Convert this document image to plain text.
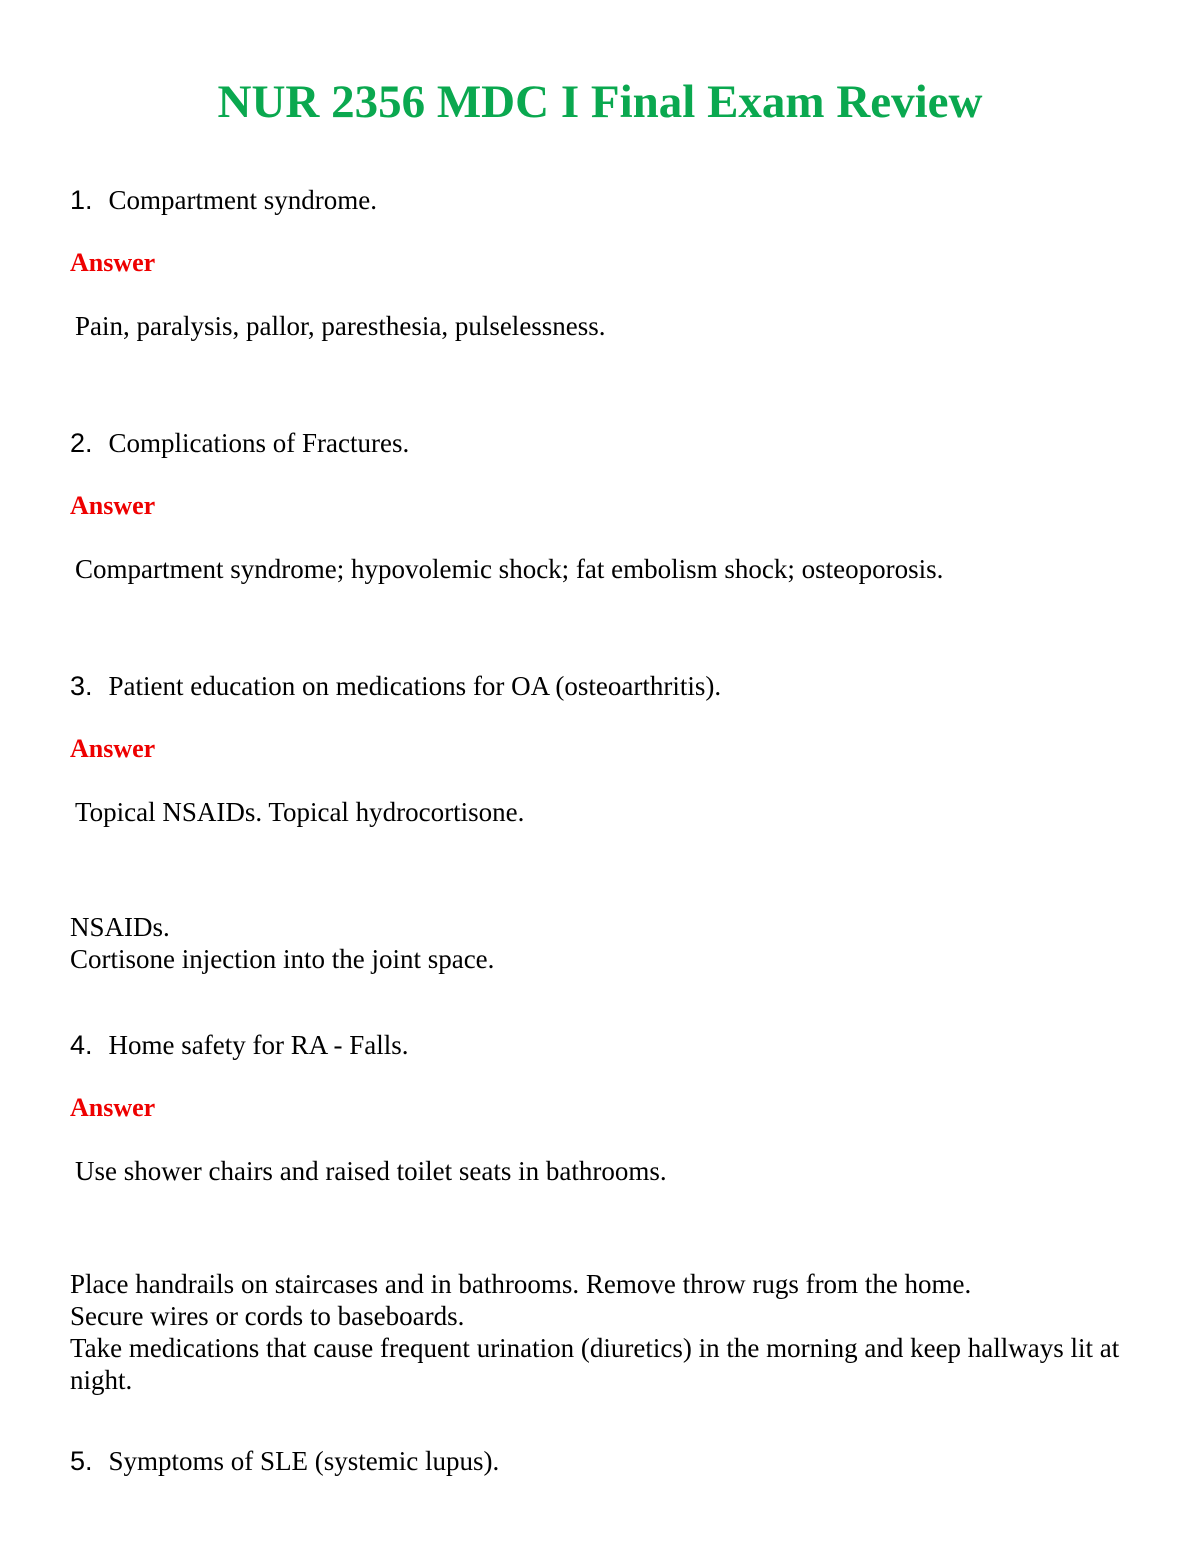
NUR 2356 MDC I Final Exam Review
1. Compartment syndrome.
Answer
Pain, paralysis, pallor, paresthesia, pulselessness.
2. Complications of Fractures.
Answer
Compartment syndrome; hypovolemic shock; fat embolism shock; osteoporosis.
3. Patient education on medications for OA (osteoarthritis).
Answer
Topical NSAIDs. Topical hydrocortisone.
NSAIDs.
Cortisone injection into the joint space.
4. Home safety for RA - Falls.
Answer
Use shower chairs and raised toilet seats in bathrooms.
Place handrails on staircases and in bathrooms. Remove throw rugs from the home.
Secure wires or cords to baseboards.
Take medications that cause frequent urination (diuretics) in the morning and keep hallways lit at night.
5. Symptoms of SLE (systemic lupus).
